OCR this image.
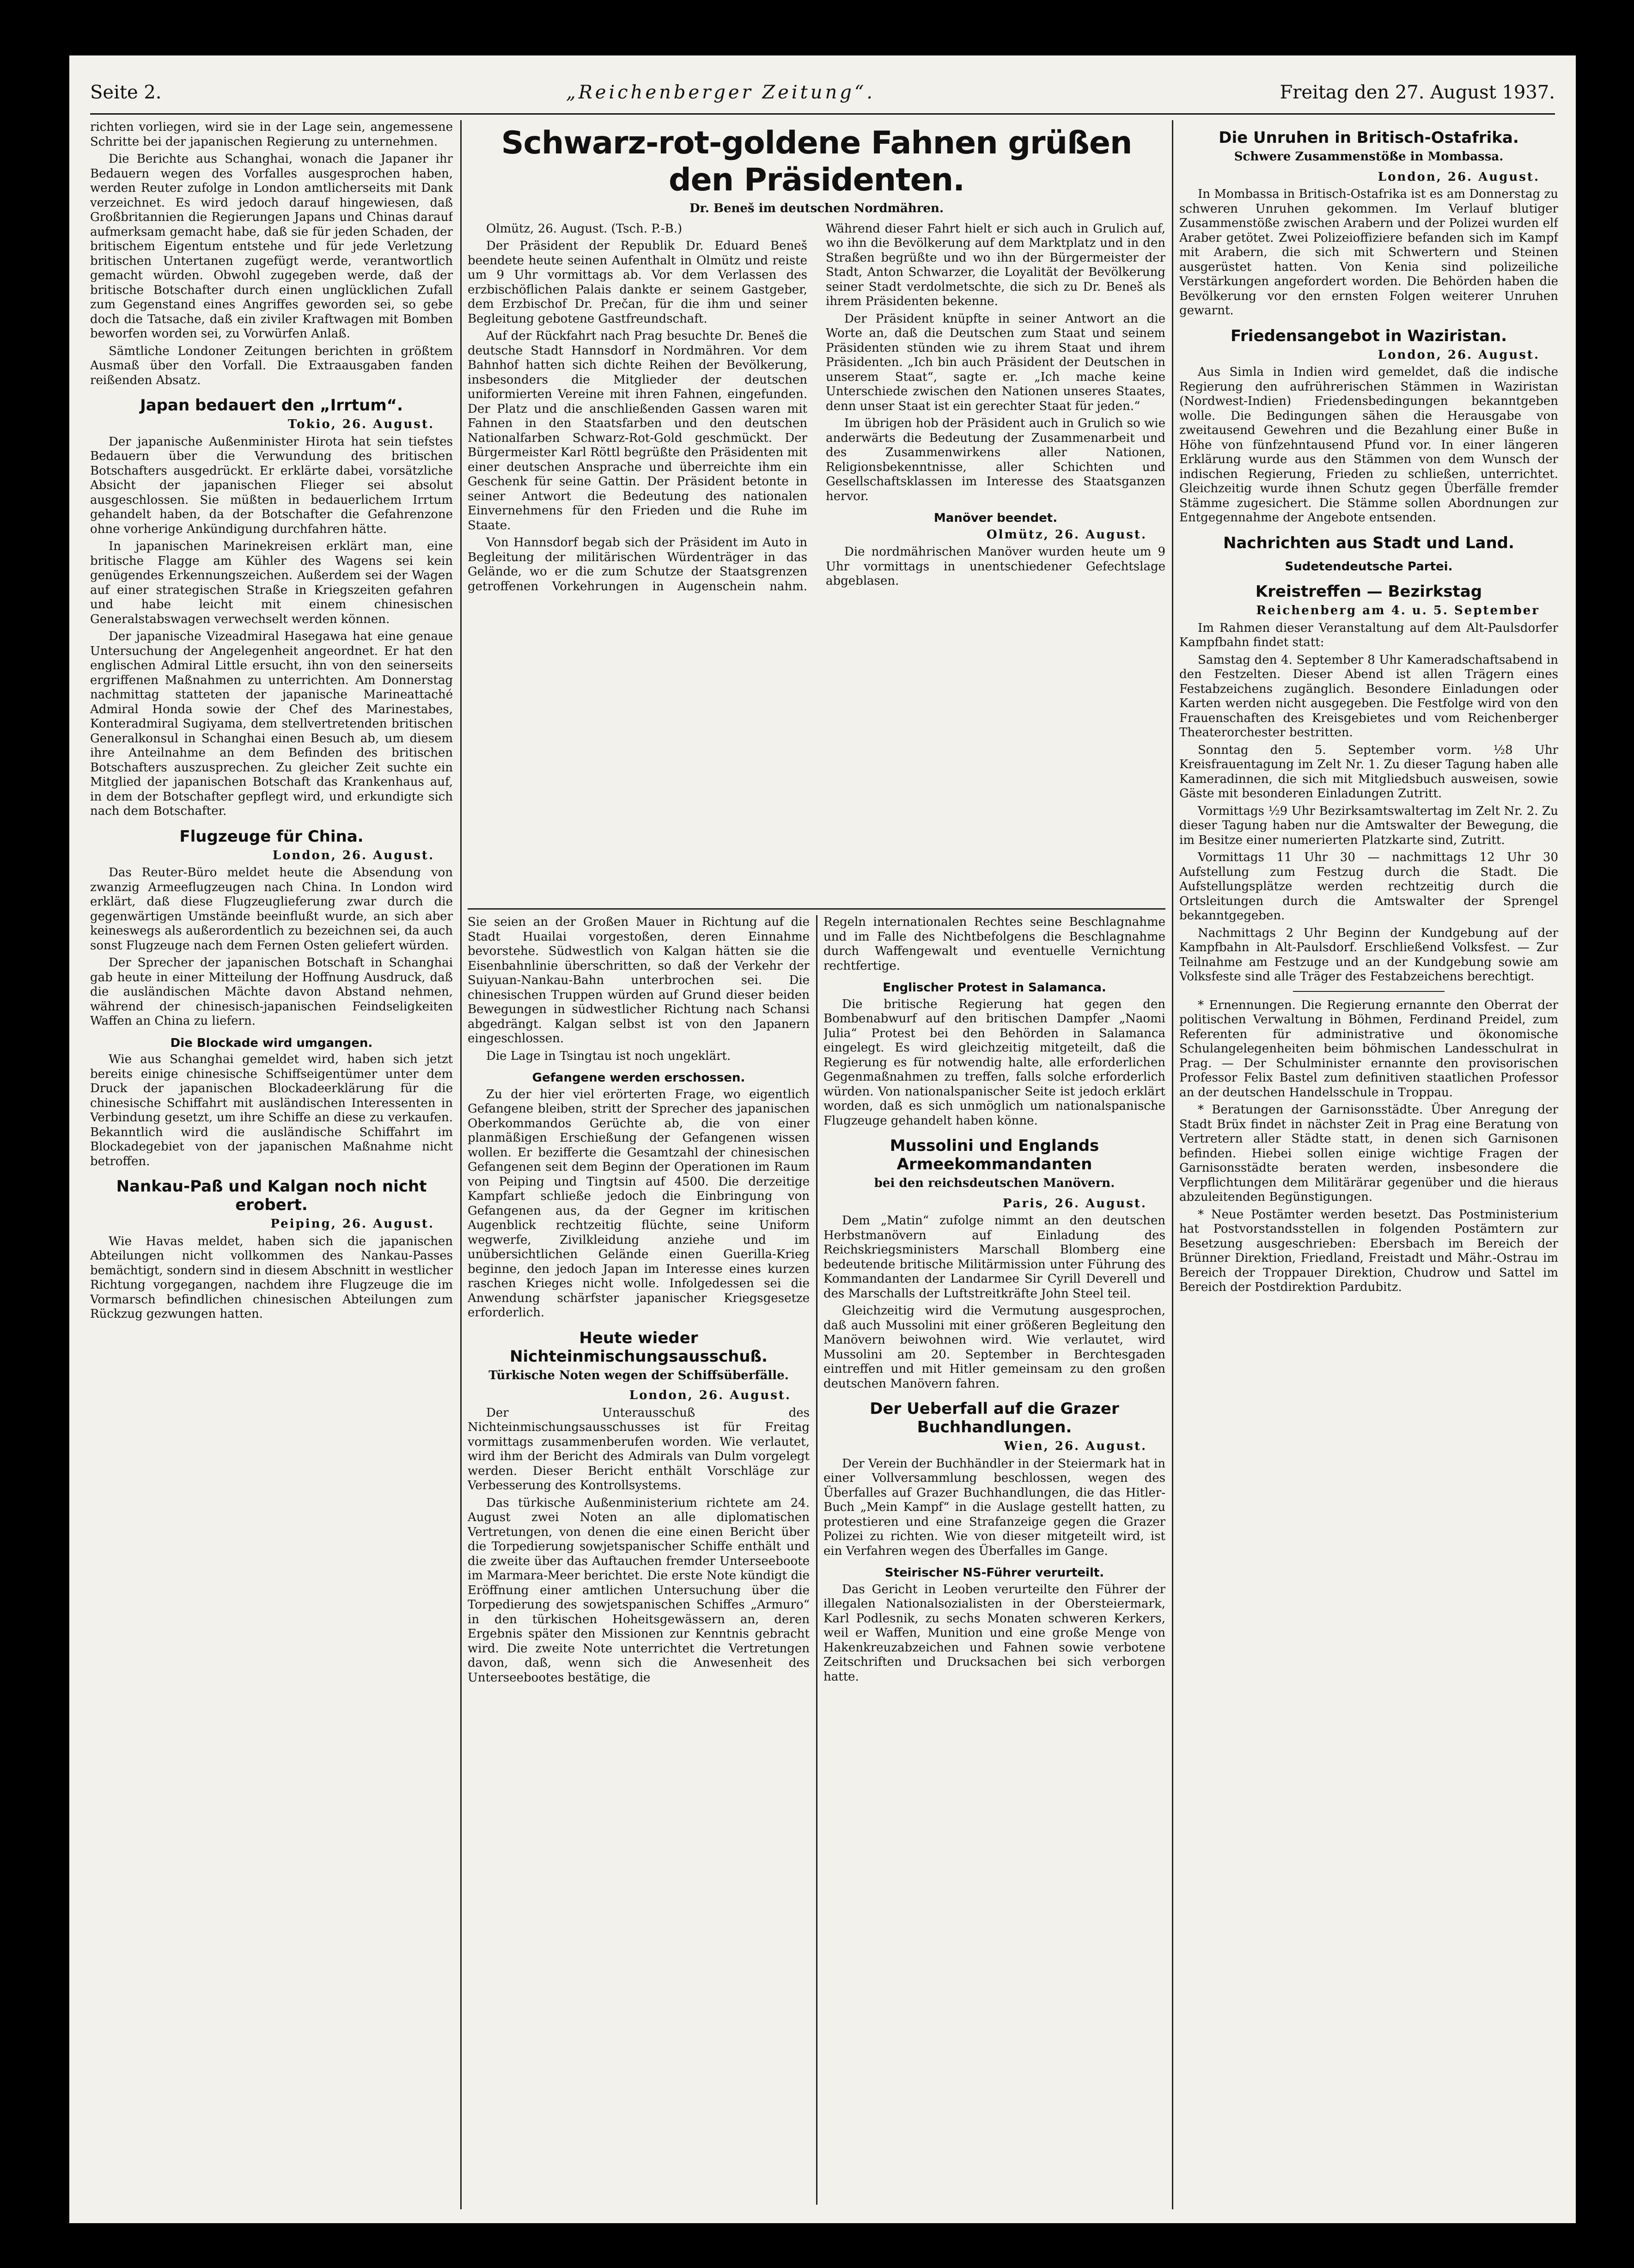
Seite 2.	„Reichenberger Zeitung“.	Freitag den 27. August 1937.

richten vorliegen, wird sie in der Lage sein, angemessene Schritte bei der japanischen Regierung zu unternehmen.

Die Berichte aus Schanghai, wonach die Japaner ihr Bedauern wegen des Vorfalles ausgesprochen haben, werden Reuter zufolge in London amtlicherseits mit Dank verzeichnet. Es wird jedoch darauf hingewiesen, daß Großbritannien die Regierungen Japans und Chinas darauf aufmerksam gemacht habe, daß sie für jeden Schaden, der britischem Eigentum entstehe und für jede Verletzung britischen Untertanen zugefügt werde, verantwortlich gemacht würden. Obwohl zugegeben werde, daß der britische Botschafter durch einen unglücklichen Zufall zum Gegenstand eines Angriffes geworden sei, so gebe doch die Tatsache, daß ein ziviler Kraftwagen mit Bomben beworfen worden sei, zu Vorwürfen Anlaß.

Sämtliche Londoner Zeitungen berichten in größtem Ausmaß über den Vorfall. Die Extraausgaben fanden reißenden Absatz.

Japan bedauert den „Irrtum“.
Tokio, 26. August.

Der japanische Außenminister Hirota hat sein tiefstes Bedauern über die Verwundung des britischen Botschafters ausgedrückt. Er erklärte dabei, vorsätzliche Absicht der japanischen Flieger sei absolut ausgeschlossen. Sie müßten in bedauerlichem Irrtum gehandelt haben, da der Botschafter die Gefahrenzone ohne vorherige Ankündigung durchfahren hätte.

In japanischen Marinekreisen erklärt man, eine britische Flagge am Kühler des Wagens sei kein genügendes Erkennungszeichen. Außerdem sei der Wagen auf einer strategischen Straße in Kriegszeiten gefahren und habe leicht mit einem chinesischen Generalstabswagen verwechselt werden können.

Der japanische Vizeadmiral Hasegawa hat eine genaue Untersuchung der Angelegenheit angeordnet. Er hat den englischen Admiral Little ersucht, ihn von den seinerseits ergriffenen Maßnahmen zu unterrichten. Am Donnerstag nachmittag statteten der japanische Marineattaché Admiral Honda sowie der Chef des Marinestabes, Konteradmiral Sugiyama, dem stellvertretenden britischen Generalkonsul in Schanghai einen Besuch ab, um diesem ihre Anteilnahme an dem Befinden des britischen Botschafters auszusprechen. Zu gleicher Zeit suchte ein Mitglied der japanischen Botschaft das Krankenhaus auf, in dem der Botschafter gepflegt wird, und erkundigte sich nach dem Botschafter.

Flugzeuge für China.
London, 26. August.

Das Reuter-Büro meldet heute die Absendung von zwanzig Armeeflugzeugen nach China. In London wird erklärt, daß diese Flugzeuglieferung zwar durch die gegenwärtigen Umstände beeinflußt wurde, an sich aber keineswegs als außerordentlich zu bezeichnen sei, da auch sonst Flugzeuge nach dem Fernen Osten geliefert würden.

Der Sprecher der japanischen Botschaft in Schanghai gab heute in einer Mitteilung der Hoffnung Ausdruck, daß die ausländischen Mächte davon Abstand nehmen, während der chinesisch-japanischen Feindseligkeiten Waffen an China zu liefern.

Die Blockade wird umgangen.

Wie aus Schanghai gemeldet wird, haben sich jetzt bereits einige chinesische Schiffseigentümer unter dem Druck der japanischen Blockadeerklärung für die chinesische Schiffahrt mit ausländischen Interessenten in Verbindung gesetzt, um ihre Schiffe an diese zu verkaufen. Bekanntlich wird die ausländische Schiffahrt im Blockadegebiet von der japanischen Maßnahme nicht betroffen.

Nankau-Paß und Kalgan noch nicht erobert.
Peiping, 26. August.

Wie Havas meldet, haben sich die japanischen Abteilungen nicht vollkommen des Nankau-Passes bemächtigt, sondern sind in diesem Abschnitt in westlicher Richtung vorgegangen, nachdem ihre Flugzeuge die im Vormarsch befindlichen chinesischen Abteilungen zum Rückzug gezwungen hatten.

Schwarz-rot-goldene Fahnen grüßen den Präsidenten.
Dr. Beneš im deutschen Nordmähren.

Olmütz, 26. August. (Tsch. P.-B.)

Der Präsident der Republik Dr. Eduard Beneš beendete heute seinen Aufenthalt in Olmütz und reiste um 9 Uhr vormittags ab. Vor dem Verlassen des erzbischöflichen Palais dankte er seinem Gastgeber, dem Erzbischof Dr. Prečan, für die ihm und seiner Begleitung gebotene Gastfreundschaft.

Auf der Rückfahrt nach Prag besuchte Dr. Beneš die deutsche Stadt Hannsdorf in Nordmähren. Vor dem Bahnhof hatten sich dichte Reihen der Bevölkerung, insbesonders die Mitglieder der deutschen uniformierten Vereine mit ihren Fahnen, eingefunden. Der Platz und die anschließenden Gassen waren mit Fahnen in den Staatsfarben und den deutschen Nationalfarben Schwarz-Rot-Gold geschmückt. Der Bürgermeister Karl Röttl begrüßte den Präsidenten mit einer deutschen Ansprache und überreichte ihm ein Geschenk für seine Gattin. Der Präsident betonte in seiner Antwort die Bedeutung des nationalen Einvernehmens für den Frieden und die Ruhe im Staate.

Von Hannsdorf begab sich der Präsident im Auto in Begleitung der militärischen Würdenträger in das Gelände, wo er die zum Schutze der Staatsgrenzen getroffenen Vorkehrungen in Augenschein nahm. Während dieser Fahrt hielt er sich auch in Grulich auf, wo ihn die Bevölkerung auf dem Marktplatz und in den Straßen begrüßte und wo ihn der Bürgermeister der Stadt, Anton Schwarzer, die Loyalität der Bevölkerung seiner Stadt verdolmetschte, die sich zu Dr. Beneš als ihrem Präsidenten bekenne.

Der Präsident knüpfte in seiner Antwort an die Worte an, daß die Deutschen zum Staat und seinem Präsidenten stünden wie zu ihrem Staat und ihrem Präsidenten. „Ich bin auch Präsident der Deutschen in unserem Staat“, sagte er. „Ich mache keine Unterschiede zwischen den Nationen unseres Staates, denn unser Staat ist ein gerechter Staat für jeden.“

Im übrigen hob der Präsident auch in Grulich so wie anderwärts die Bedeutung der Zusammenarbeit und des Zusammenwirkens aller Nationen, Religionsbekenntnisse, aller Schichten und Gesellschaftsklassen im Interesse des Staatsganzen hervor.

Manöver beendet.
Olmütz, 26. August.

Die nordmährischen Manöver wurden heute um 9 Uhr vormittags in unentschiedener Gefechtslage abgeblasen.

Sie seien an der Großen Mauer in Richtung auf die Stadt Huailai vorgestoßen, deren Einnahme bevorstehe. Südwestlich von Kalgan hätten sie die Eisenbahnlinie überschritten, so daß der Verkehr der Suiyuan-Nankau-Bahn unterbrochen sei. Die chinesischen Truppen würden auf Grund dieser beiden Bewegungen in südwestlicher Richtung nach Schansi abgedrängt. Kalgan selbst ist von den Japanern eingeschlossen.

Die Lage in Tsingtau ist noch ungeklärt.

Gefangene werden erschossen.

Zu der hier viel erörterten Frage, wo eigentlich Gefangene bleiben, stritt der Sprecher des japanischen Oberkommandos Gerüchte ab, die von einer planmäßigen Erschießung der Gefangenen wissen wollen. Er bezifferte die Gesamtzahl der chinesischen Gefangenen seit dem Beginn der Operationen im Raum von Peiping und Tingtsin auf 4500. Die derzeitige Kampfart schließe jedoch die Einbringung von Gefangenen aus, da der Gegner im kritischen Augenblick rechtzeitig flüchte, seine Uniform wegwerfe, Zivilkleidung anziehe und im unübersichtlichen Gelände einen Guerilla-Krieg beginne, den jedoch Japan im Interesse eines kurzen raschen Krieges nicht wolle. Infolgedessen sei die Anwendung schärfster japanischer Kriegsgesetze erforderlich.

Heute wieder Nichteinmischungsausschuß.
Türkische Noten wegen der Schiffsüberfälle.
London, 26. August.

Der Unterausschuß des Nichteinmischungsausschusses ist für Freitag vormittags zusammenberufen worden. Wie verlautet, wird ihm der Bericht des Admirals van Dulm vorgelegt werden. Dieser Bericht enthält Vorschläge zur Verbesserung des Kontrollsystems.

Das türkische Außenministerium richtete am 24. August zwei Noten an alle diplomatischen Vertretungen, von denen die eine einen Bericht über die Torpedierung sowjetspanischer Schiffe enthält und die zweite über das Auftauchen fremder Unterseeboote im Marmara-Meer berichtet. Die erste Note kündigt die Eröffnung einer amtlichen Untersuchung über die Torpedierung des sowjetspanischen Schiffes „Armuro“ in den türkischen Hoheitsgewässern an, deren Ergebnis später den Missionen zur Kenntnis gebracht wird. Die zweite Note unterrichtet die Vertretungen davon, daß, wenn sich die Anwesenheit des Unterseebootes bestätige, die

Regeln internationalen Rechtes seine Beschlagnahme und im Falle des Nichtbefolgens die Beschlagnahme durch Waffengewalt und eventuelle Vernichtung rechtfertige.

Englischer Protest in Salamanca.

Die britische Regierung hat gegen den Bombenabwurf auf den britischen Dampfer „Naomi Julia“ Protest bei den Behörden in Salamanca eingelegt. Es wird gleichzeitig mitgeteilt, daß die Regierung es für notwendig halte, alle erforderlichen Gegenmaßnahmen zu treffen, falls solche erforderlich würden. Von nationalspanischer Seite ist jedoch erklärt worden, daß es sich unmöglich um nationalspanische Flugzeuge gehandelt haben könne.

Mussolini und Englands Armeekommandanten
bei den reichsdeutschen Manövern.
Paris, 26. August.

Dem „Matin“ zufolge nimmt an den deutschen Herbstmanövern auf Einladung des Reichskriegsministers Marschall Blomberg eine bedeutende britische Militärmission unter Führung des Kommandanten der Landarmee Sir Cyrill Deverell und des Marschalls der Luftstreitkräfte John Steel teil.

Gleichzeitig wird die Vermutung ausgesprochen, daß auch Mussolini mit einer größeren Begleitung den Manövern beiwohnen wird. Wie verlautet, wird Mussolini am 20. September in Berchtesgaden eintreffen und mit Hitler gemeinsam zu den großen deutschen Manövern fahren.

Der Ueberfall auf die Grazer Buchhandlungen.
Wien, 26. August.

Der Verein der Buchhändler in der Steiermark hat in einer Vollversammlung beschlossen, wegen des Überfalles auf Grazer Buchhandlungen, die das Hitler-Buch „Mein Kampf“ in die Auslage gestellt hatten, zu protestieren und eine Strafanzeige gegen die Grazer Polizei zu richten. Wie von dieser mitgeteilt wird, ist ein Verfahren wegen des Überfalles im Gange.

Steirischer NS-Führer verurteilt.

Das Gericht in Leoben verurteilte den Führer der illegalen Nationalsozialisten in der Obersteiermark, Karl Podlesnik, zu sechs Monaten schweren Kerkers, weil er Waffen, Munition und eine große Menge von Hakenkreuzabzeichen und Fahnen sowie verbotene Zeitschriften und Drucksachen bei sich verborgen hatte.

Die Unruhen in Britisch-Ostafrika.
Schwere Zusammenstöße in Mombassa.
London, 26. August.

In Mombassa in Britisch-Ostafrika ist es am Donnerstag zu schweren Unruhen gekommen. Im Verlauf blutiger Zusammenstöße zwischen Arabern und der Polizei wurden elf Araber getötet. Zwei Polizeioffiziere befanden sich im Kampf mit Arabern, die sich mit Schwertern und Steinen ausgerüstet hatten. Von Kenia sind polizeiliche Verstärkungen angefordert worden. Die Behörden haben die Bevölkerung vor den ernsten Folgen weiterer Unruhen gewarnt.

Friedensangebot in Waziristan.
London, 26. August.

Aus Simla in Indien wird gemeldet, daß die indische Regierung den aufrührerischen Stämmen in Waziristan (Nordwest-Indien) Friedensbedingungen bekanntgeben wolle. Die Bedingungen sähen die Herausgabe von zweitausend Gewehren und die Bezahlung einer Buße in Höhe von fünfzehntausend Pfund vor. In einer längeren Erklärung wurde aus den Stämmen von dem Wunsch der indischen Regierung, Frieden zu schließen, unterrichtet. Gleichzeitig wurde ihnen Schutz gegen Überfälle fremder Stämme zugesichert. Die Stämme sollen Abordnungen zur Entgegennahme der Angebote entsenden.

Nachrichten aus Stadt und Land.
Sudetendeutsche Partei.
Kreistreffen — Bezirkstag
Reichenberg am 4. u. 5. September

Im Rahmen dieser Veranstaltung auf dem Alt-Paulsdorfer Kampfbahn findet statt:

Samstag den 4. September 8 Uhr Kameradschaftsabend in den Festzelten. Dieser Abend ist allen Trägern eines Festabzeichens zugänglich. Besondere Einladungen oder Karten werden nicht ausgegeben. Die Festfolge wird von den Frauenschaften des Kreisgebietes und vom Reichenberger Theaterorchester bestritten.

Sonntag den 5. September vorm. ½8 Uhr Kreisfrauentagung im Zelt Nr. 1. Zu dieser Tagung haben alle Kameradinnen, die sich mit Mitgliedsbuch ausweisen, sowie Gäste mit besonderen Einladungen Zutritt.

Vormittags ½9 Uhr Bezirksamtswaltertag im Zelt Nr. 2. Zu dieser Tagung haben nur die Amtswalter der Bewegung, die im Besitze einer numerierten Platzkarte sind, Zutritt.

Vormittags 11 Uhr 30 — nachmittags 12 Uhr 30 Aufstellung zum Festzug durch die Stadt. Die Aufstellungsplätze werden rechtzeitig durch die Ortsleitungen durch die Amtswalter der Sprengel bekanntgegeben.

Nachmittags 2 Uhr Beginn der Kundgebung auf der Kampfbahn in Alt-Paulsdorf. Erschließend Volksfest. — Zur Teilnahme am Festzuge und an der Kundgebung sowie am Volksfeste sind alle Träger des Festabzeichens berechtigt.

* Ernennungen. Die Regierung ernannte den Oberrat der politischen Verwaltung in Böhmen, Ferdinand Preidel, zum Referenten für administrative und ökonomische Schulangelegenheiten beim böhmischen Landesschulrat in Prag. — Der Schulminister ernannte den provisorischen Professor Felix Bastel zum definitiven staatlichen Professor an der deutschen Handelsschule in Troppau.

* Beratungen der Garnisonsstädte. Über Anregung der Stadt Brüx findet in nächster Zeit in Prag eine Beratung von Vertretern aller Städte statt, in denen sich Garnisonen befinden. Hiebei sollen einige wichtige Fragen der Garnisonsstädte beraten werden, insbesondere die Verpflichtungen dem Militärärar gegenüber und die hieraus abzuleitenden Begünstigungen.

* Neue Postämter werden besetzt. Das Postministerium hat Postvorstandsstellen in folgenden Postämtern zur Besetzung ausgeschrieben: Ebersbach im Bereich der Brünner Direktion, Friedland, Freistadt und Mähr.-Ostrau im Bereich der Troppauer Direktion, Chudrow und Sattel im Bereich der Postdirektion Pardubitz.
